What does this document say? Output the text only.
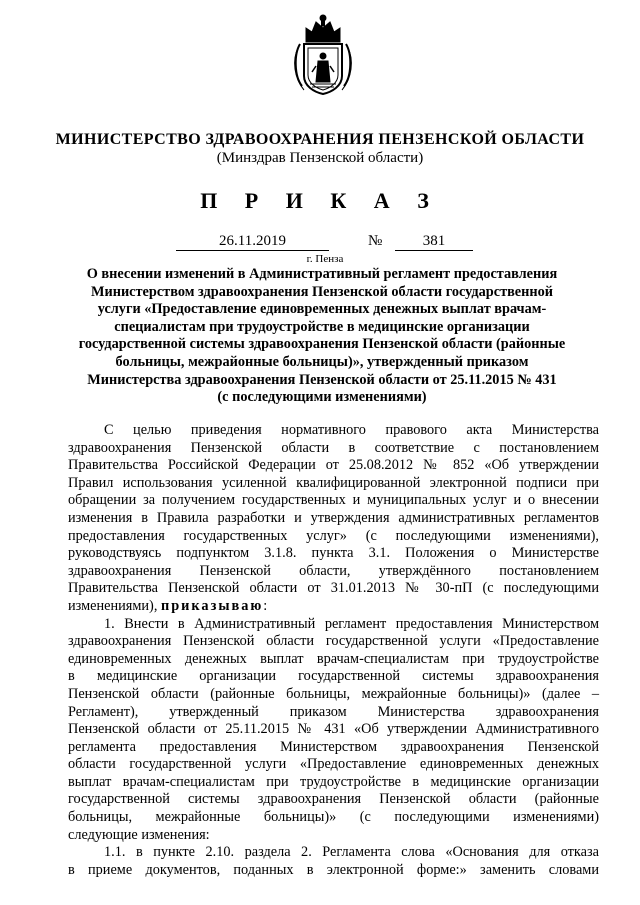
МИНИСТЕРСТВО ЗДРАВООХРАНЕНИЯ ПЕНЗЕНСКОЙ ОБЛАСТИ
(Минздрав Пензенской области)
П Р И К А З
26.11.2019	№	381
г. Пенза
О внесении изменений в Административный регламент предоставления
Министерством здравоохранения Пензенской области государственной
услуги «Предоставление единовременных денежных выплат врачам-
специалистам при трудоустройстве в медицинские организации
государственной системы здравоохранения Пензенской области (районные
больницы, межрайонные больницы)», утвержденный приказом
Министерства здравоохранения Пензенской области от 25.11.2015 № 431
(с последующими изменениями)
С целью приведения нормативного правового акта Министерства
здравоохранения Пензенской области в соответствие с постановлением
Правительства Российской Федерации от 25.08.2012 № 852 «Об утверждении
Правил использования усиленной квалифицированной электронной подписи при
обращении за получением государственных и муниципальных услуг и о внесении
изменения в Правила разработки и утверждения административных регламентов
предоставления государственных услуг» (с последующими изменениями),
руководствуясь подпунктом 3.1.8. пункта 3.1. Положения о Министерстве
здравоохранения Пензенской области, утверждённого постановлением
Правительства Пензенской области от 31.01.2013 № 30-пП (с последующими
изменениями), приказываю:
1. Внести в Административный регламент предоставления Министерством
здравоохранения Пензенской области государственной услуги «Предоставление
единовременных денежных выплат врачам-специалистам при трудоустройстве
в медицинские организации государственной системы здравоохранения
Пензенской области (районные больницы, межрайонные больницы)» (далее –
Регламент), утвержденный приказом Министерства здравоохранения
Пензенской области от 25.11.2015 № 431 «Об утверждении Административного
регламента предоставления Министерством здравоохранения Пензенской
области государственной услуги «Предоставление единовременных денежных
выплат врачам-специалистам при трудоустройстве в медицинские организации
государственной системы здравоохранения Пензенской области (районные
больницы, межрайонные больницы)» (с последующими изменениями)
следующие изменения:
1.1. в пункте 2.10. раздела 2. Регламента слова «Основания для отказа
в приеме документов, поданных в электронной форме:» заменить словами
